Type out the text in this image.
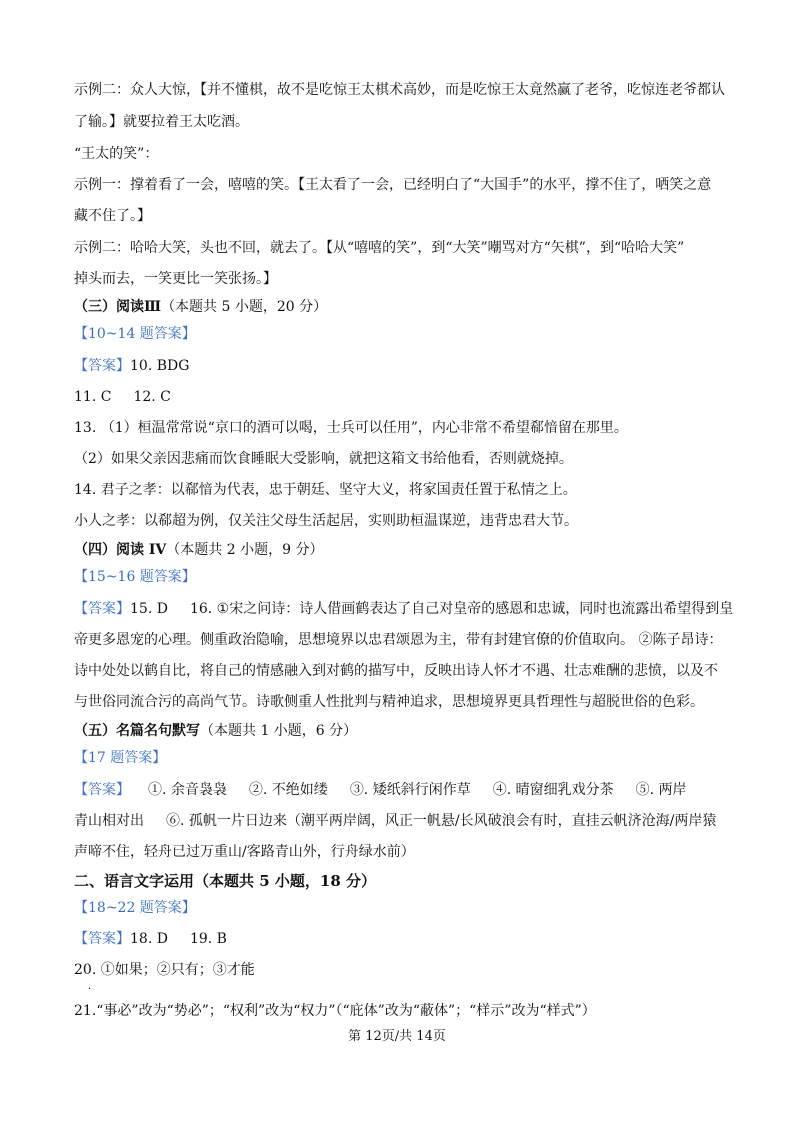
示例二：众人大惊，【并不懂棋，故不是吃惊王太棋术高妙，而是吃惊王太竟然赢了老爷，吃惊连老爷都认
了输。】就要拉着王太吃酒。
“王太的笑”：
示例一：撑着看了一会，嘻嘻的笑。【王太看了一会，已经明白了“大国手”的水平，撑不住了，哂笑之意
藏不住了。】
示例二：哈哈大笑，头也不回，就去了。【从“嘻嘻的笑”，到“大笑”嘲骂对方“矢棋”，到“哈哈大笑”
掉头而去，一笑更比一笑张扬。】
（三）阅读Ⅲ（本题共 5 小题，20 分）
【10~14 题答案】
【答案】10. BDG
11. C 12. C
13. （1）桓温常常说“京口的酒可以喝，士兵可以任用”，内心非常不希望郗愔留在那里。
（2）如果父亲因悲痛而饮食睡眠大受影响，就把这箱文书给他看，否则就烧掉。
14. 君子之孝：以郗愔为代表，忠于朝廷、坚守大义，将家国责任置于私情之上。
小人之孝：以郗超为例，仅关注父母生活起居，实则助桓温谋逆，违背忠君大节。
（四）阅读 IV（本题共 2 小题，9 分）
【15~16 题答案】
【答案】15. D 16. ①宋之问诗：诗人借画鹤表达了自己对皇帝的感恩和忠诚，同时也流露出希望得到皇
帝更多恩宠的心理。侧重政治隐喻，思想境界以忠君颂恩为主，带有封建官僚的价值取向。 ②陈子昂诗：
诗中处处以鹤自比，将自己的情感融入到对鹤的描写中，反映出诗人怀才不遇、壮志难酬的悲愤，以及不
与世俗同流合污的高尚气节。诗歌侧重人性批判与精神追求，思想境界更具哲理性与超脱世俗的色彩。
（五）名篇名句默写（本题共 1 小题，6 分）
【17 题答案】
【答案】 ①. 余音袅袅 ②. 不绝如缕 ③. 矮纸斜行闲作草 ④. 晴窗细乳戏分茶 ⑤. 两岸
青山相对出 ⑥. 孤帆一片日边来（潮平两岸阔，风正一帆悬/长风破浪会有时，直挂云帆济沧海/两岸猿
声啼不住，轻舟已过万重山/客路青山外，行舟绿水前）
二、语言文字运用（本题共 5 小题，18 分）
【18~22 题答案】
【答案】18. D 19. B
20. ①如果；②只有；③才能
·
21.“事必”改为“势必”；“权利”改为“权力”（“庇体”改为“蔽体”；“样示”改为“样式”）
第 12页/共 14页
